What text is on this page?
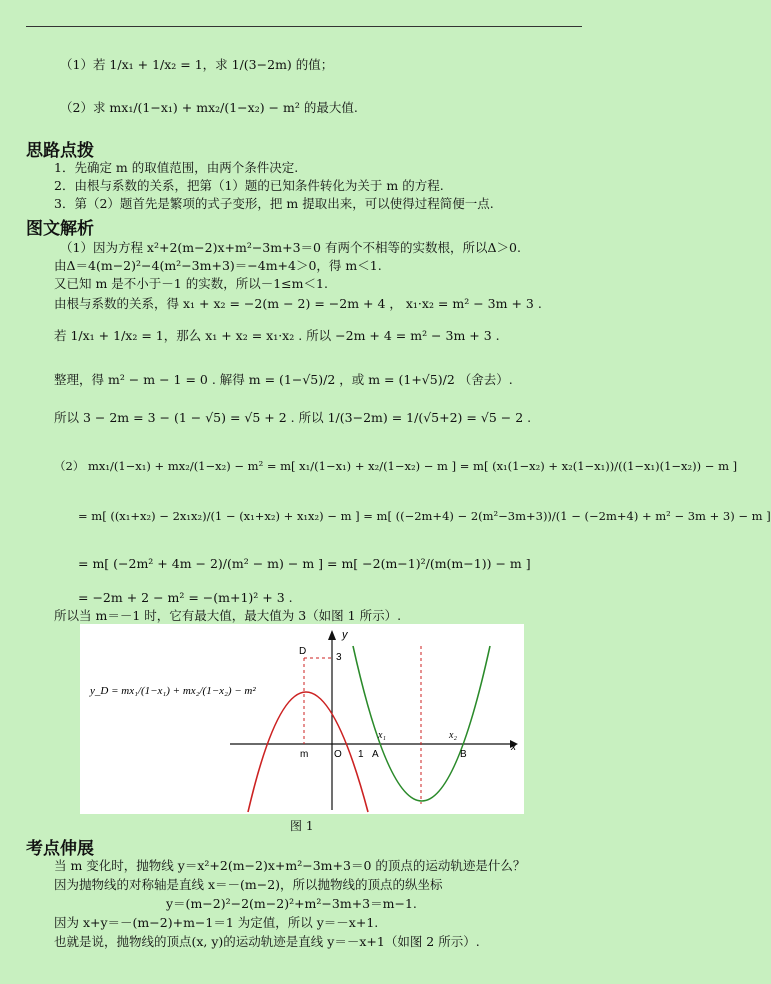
（1）若 1/x₁ + 1/x₂ = 1，求 1/(3−2m) 的值；
（2）求 mx₁/(1−x₁) + mx₂/(1−x₂) − m² 的最大值.
思路点拨
1．先确定 m 的取值范围，由两个条件决定.
2．由根与系数的关系，把第（1）题的已知条件转化为关于 m 的方程.
3．第（2）题首先是繁项的式子变形，把 m 提取出来，可以使得过程简便一点.
图文解析
（1）因为方程 x²+2(m−2)x+m²−3m+3＝0 有两个不相等的实数根，所以Δ＞0.
由Δ＝4(m−2)²−4(m²−3m+3)＝−4m+4＞0，得 m＜1.
又已知 m 是不小于－1 的实数，所以－1≤m＜1.
由根与系数的关系，得 x₁ + x₂ = −2(m − 2) = −2m + 4 ， x₁·x₂ = m² − 3m + 3 .
若 1/x₁ + 1/x₂ = 1，那么 x₁ + x₂ = x₁·x₂ . 所以 −2m + 4 = m² − 3m + 3 .
整理，得 m² − m − 1 = 0 . 解得 m = (1−√5)/2 ，或 m = (1+√5)/2 （舍去）.
所以 3 − 2m = 3 − (1 − √5) = √5 + 2 . 所以 1/(3−2m) = 1/(√5+2) = √5 − 2 .
（2） mx₁/(1−x₁) + mx₂/(1−x₂) − m² = m[ x₁/(1−x₁) + x₂/(1−x₂) − m ] = m[ (x₁(1−x₂) + x₂(1−x₁))/((1−x₁)(1−x₂)) − m ]
= m[ ((x₁+x₂) − 2x₁x₂)/(1 − (x₁+x₂) + x₁x₂) − m ] = m[ ((−2m+4) − 2(m²−3m+3))/(1 − (−2m+4) + m² − 3m + 3) − m ]
= m[ (−2m² + 4m − 2)/(m² − m) − m ] = m[ −2(m−1)²/(m(m−1)) − m ]
= −2m + 2 − m² = −(m+1)² + 3 .
所以当 m＝－1 时，它有最大值，最大值为 3（如图 1 所示）.
y
x
D
3
m	O 1 A	B
x₁	x₂
y_D = mx₁/(1−x₁) + mx₂/(1−x₂) − m²
图 1
考点伸展
当 m 变化时，抛物线 y＝x²+2(m−2)x+m²−3m+3＝0 的顶点的运动轨迹是什么？
因为抛物线的对称轴是直线 x＝－(m−2)，所以抛物线的顶点的纵坐标
y＝(m−2)²−2(m−2)²+m²−3m+3＝m−1.
因为 x+y＝－(m−2)+m−1＝1 为定值，所以 y＝－x+1.
也就是说，抛物线的顶点(x, y)的运动轨迹是直线 y＝－x+1（如图 2 所示）.
